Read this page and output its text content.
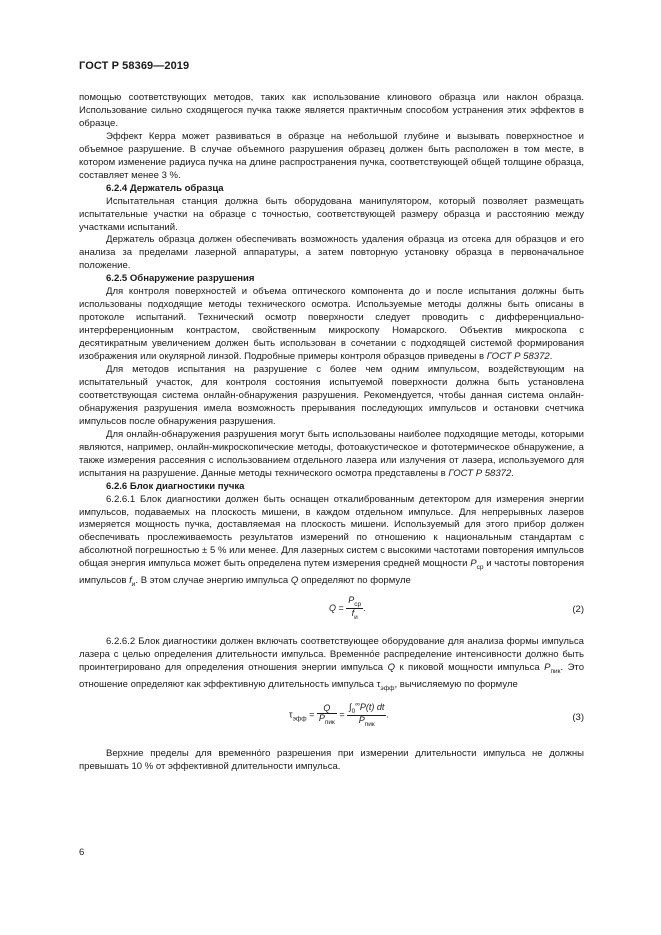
ГОСТ Р 58369—2019

помощью соответствующих методов, таких как использование клинового образца или наклон образца. Использование сильно сходящегося пучка также является практичным способом устранения этих эффектов в образце.

Эффект Керра может развиваться в образце на небольшой глубине и вызывать поверхностное и объемное разрушение. В случае объемного разрушения образец должен быть расположен в том месте, в котором изменение радиуса пучка на длине распространения пучка, соответствующей общей толщине образца, составляет менее 3 %.

6.2.4 Держатель образца

Испытательная станция должна быть оборудована манипулятором, который позволяет размещать испытательные участки на образце с точностью, соответствующей размеру образца и расстоянию между участками испытаний.

Держатель образца должен обеспечивать возможность удаления образца из отсека для образцов и его анализа за пределами лазерной аппаратуры, а затем повторную установку образца в первоначальное положение.

6.2.5 Обнаружение разрушения

Для контроля поверхностей и объема оптического компонента до и после испытания должны быть использованы подходящие методы технического осмотра. Используемые методы должны быть описаны в протоколе испытаний. Технический осмотр поверхности следует проводить с дифференциально-интерференционным контрастом, свойственным микроскопу Номарского. Объектив микроскопа с десятикратным увеличением должен быть использован в сочетании с подходящей системой формирования изображения или окулярной линзой. Подробные примеры контроля образцов приведены в ГОСТ Р 58372.

Для методов испытания на разрушение с более чем одним импульсом, воздействующим на испытательный участок, для контроля состояния испытуемой поверхности должна быть установлена соответствующая система онлайн-обнаружения разрушения. Рекомендуется, чтобы данная система онлайн-обнаружения разрушения имела возможность прерывания последующих импульсов и остановки счетчика импульсов после обнаружения разрушения.

Для онлайн-обнаружения разрушения могут быть использованы наиболее подходящие методы, которыми являются, например, онлайн-микроскопические методы, фотоакустическое и фототермическое обнаружение, а также измерения рассеяния с использованием отдельного лазера или излучения от лазера, используемого для испытания на разрушение. Данные методы технического осмотра представлены в ГОСТ Р 58372.

6.2.6 Блок диагностики пучка

6.2.6.1 Блок диагностики должен быть оснащен откалиброванным детектором для измерения энергии импульсов, подаваемых на плоскость мишени, в каждом отдельном импульсе. Для непрерывных лазеров измеряется мощность пучка, доставляемая на плоскость мишени. Используемый для этого прибор должен обеспечивать прослеживаемость результатов измерений по отношению к национальным стандартам с абсолютной погрешностью ± 5 % или менее. Для лазерных систем с высокими частотами повторения импульсов общая энергия импульса может быть определена путем измерения средней мощности $P_{ср}$ и частоты повторения импульсов $f_и$. В этом случае энергию импульса Q определяют по формуле

$Q = \frac{P_{ср}}{f_и}$ .	(2)

6.2.6.2 Блок диагностики должен включать соответствующее оборудование для анализа формы импульса лазера с целью определения длительности импульса. Временно́е распределение интенсивности должно быть проинтегрировано для определения отношения энергии импульса Q к пиковой мощности импульса $P_{пик}$. Это отношение определяют как эффективную длительность импульса $\tau_{эфф}$, вычисляемую по формуле

$\tau_{эфф} = \frac{Q}{P_{пик}} = \frac{\int_0^\infty P(t) dt}{P_{пик}}$ .	(3)

Верхние пределы для временно́го разрешения при измерении длительности импульса не должны превышать 10 % от эффективной длительности импульса.

6
